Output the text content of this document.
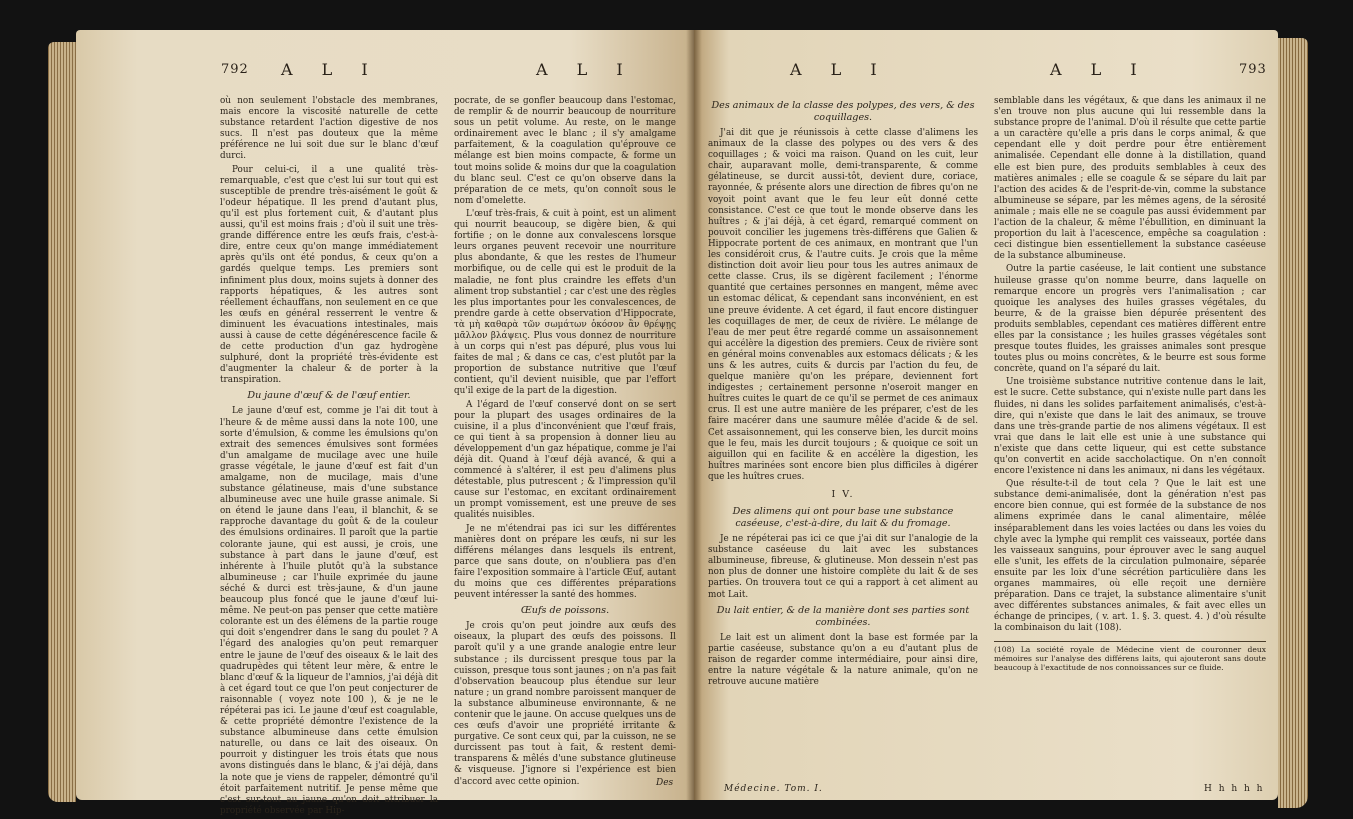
792 A L I	A L I

où non seulement l'obstacle des membranes, mais encore la viscosité naturelle de cette substance retardent l'action digestive de nos sucs. Il n'est pas douteux que la même préférence ne lui soit due sur le blanc d'œuf durci.

Pour celui-ci, il a une qualité très-remarquable, c'est que c'est lui sur tout qui est susceptible de prendre très-aisément le goût & l'odeur hépatique. Il les prend d'autant plus, qu'il est plus fortement cuit, & d'autant plus aussi, qu'il est moins frais ; d'où il suit une très-grande différence entre les œufs frais, c'est-à-dire, entre ceux qu'on mange immédiatement après qu'ils ont été pondus, & ceux qu'on a gardés quelque temps. Les premiers sont infiniment plus doux, moins sujets à donner des rapports hépatiques, & les autres sont réellement échauffans, non seulement en ce que les œufs en général resserrent le ventre & diminuent les évacuations intestinales, mais aussi à cause de cette dégénérescence facile & de cette production d'un gaz hydrogène sulphuré, dont la propriété très-évidente est d'augmenter la chaleur & de porter à la transpiration.

Du jaune d'œuf & de l'œuf entier.

Le jaune d'œuf est, comme je l'ai dit tout à l'heure & de même aussi dans la note 100, une sorte d'émulsion, & comme les émulsions qu'on extrait des semences émulsives sont formées d'un amalgame de mucilage avec une huile grasse végétale, le jaune d'œuf est fait d'un amalgame, non de mucilage, mais d'une substance gélatineuse, mais d'une substance albumineuse avec une huile grasse animale. Si on étend le jaune dans l'eau, il blanchit, & se rapproche davantage du goût & de la couleur des émulsions ordinaires. Il paroît que la partie colorante jaune, qui est aussi, je crois, une substance à part dans le jaune d'œuf, est inhérente à l'huile plutôt qu'à la substance albumineuse ; car l'huile exprimée du jaune séché & durci est très-jaune, & d'un jaune beaucoup plus foncé que le jaune d'œuf lui-même. Ne peut-on pas penser que cette matière colorante est un des élémens de la partie rouge qui doit s'engendrer dans le sang du poulet ? A l'égard des analogies qu'on peut remarquer entre le jaune de l'œuf des oiseaux & le lait des quadrupèdes qui têtent leur mère, & entre le blanc d'œuf & la liqueur de l'amnios, j'ai déjà dit à cet égard tout ce que l'on peut conjecturer de raisonnable ( voyez note 100 ), & je ne le répéterai pas ici. Le jaune d'œuf est coagulable, & cette propriété démontre l'existence de la substance albumineuse dans cette émulsion naturelle, ou dans ce lait des oiseaux. On pourroit y distinguer les trois états que nous avons distingués dans le blanc, & j'ai déjà, dans la note que je viens de rappeler, démontré qu'il étoit parfaitement nutritif. Je pense même que c'est sur-tout au jaune qu'on doit attribuer la propriété observée par Hip-

pocrate, de se gonfler beaucoup dans l'estomac, de remplir & de nourrir beaucoup de nourriture sous un petit volume. Au reste, on le mange ordinairement avec le blanc ; il s'y amalgame parfaitement, & la coagulation qu'éprouve ce mélange est bien moins compacte, & forme un tout moins solide & moins dur que la coagulation du blanc seul. C'est ce qu'on observe dans la préparation de ce mets, qu'on connoît sous le nom d'omelette.

L'œuf très-frais, & cuit à point, est un aliment qui nourrit beaucoup, se digère bien, & qui fortifie ; on le donne aux convalescens lorsque leurs organes peuvent recevoir une nourriture plus abondante, & que les restes de l'humeur morbifique, ou de celle qui est le produit de la maladie, ne font plus craindre les effets d'un aliment trop substantiel ; car c'est une des règles les plus importantes pour les convalescences, de prendre garde à cette observation d'Hippocrate, τὰ μὴ καθαρὰ τῶν σωμάτων ὁκόσον ἂν θρέψῃς μᾶλλον βλάψεις. Plus vous donnez de nourriture à un corps qui n'est pas dépuré, plus vous lui faites de mal ; & dans ce cas, c'est plutôt par la proportion de substance nutritive que l'œuf contient, qu'il devient nuisible, que par l'effort qu'il exige de la part de la digestion.

A l'égard de l'œuf conservé dont on se sert pour la plupart des usages ordinaires de la cuisine, il a plus d'inconvénient que l'œuf frais, ce qui tient à sa propension à donner lieu au développement d'un gaz hépatique, comme je l'ai déjà dit. Quand à l'œuf déjà avancé, & qui a commencé à s'altérer, il est peu d'alimens plus détestable, plus putrescent ; & l'impression qu'il cause sur l'estomac, en excitant ordinairement un prompt vomissement, est une preuve de ses qualités nuisibles.

Je ne m'étendrai pas ici sur les différentes manières dont on prépare les œufs, ni sur les différens mélanges dans lesquels ils entrent, parce que sans doute, on n'oubliera pas d'en faire l'exposition sommaire à l'article Œuf, autant du moins que ces différentes préparations peuvent intéresser la santé des hommes.

Œufs de poissons.

Je crois qu'on peut joindre aux œufs des oiseaux, la plupart des œufs des poissons. Il paroît qu'il y a une grande analogie entre leur substance ; ils durcissent presque tous par la cuisson, presque tous sont jaunes ; on n'a pas fait d'observation beaucoup plus étendue sur leur nature ; un grand nombre paroissent manquer de la substance albumineuse environnante, & ne contenir que le jaune. On accuse quelques uns de ces œufs d'avoir une propriété irritante & purgative. Ce sont ceux qui, par la cuisson, ne se durcissent pas tout à fait, & restent demi-transparens & mêlés d'une substance glutineuse & visqueuse. J'ignore si l'expérience est bien d'accord avec cette opinion.	Des
A L I	A L I	793
Des animaux de la classe des polypes, des vers, & des coquillages.

J'ai dit que je réunissois à cette classe d'alimens les animaux de la classe des polypes ou des vers & des coquillages ; & voici ma raison. Quand on les cuit, leur chair, auparavant molle, demi-transparente, & comme gélatineuse, se durcit aussi-tôt, devient dure, coriace, rayonnée, & présente alors une direction de fibres qu'on ne voyoit point avant que le feu leur eût donné cette consistance. C'est ce que tout le monde observe dans les huîtres ; & j'ai déjà, à cet égard, remarqué comment on pouvoit concilier les jugemens très-différens que Galien & Hippocrate portent de ces animaux, en montrant que l'un les considéroit crus, & l'autre cuits. Je crois que la même distinction doit avoir lieu pour tous les autres animaux de cette classe. Crus, ils se digèrent facilement ; l'énorme quantité que certaines personnes en mangent, même avec un estomac délicat, & cependant sans inconvénient, en est une preuve évidente. A cet égard, il faut encore distinguer les coquillages de mer, de ceux de rivière. Le mélange de l'eau de mer peut être regardé comme un assaisonnement qui accélère la digestion des premiers. Ceux de rivière sont en général moins convenables aux estomacs délicats ; & les uns & les autres, cuits & durcis par l'action du feu, de quelque manière qu'on les prépare, deviennent fort indigestes ; certainement personne n'oseroit manger en huîtres cuites le quart de ce qu'il se permet de ces animaux crus. Il est une autre manière de les préparer, c'est de les faire macérer dans une saumure mêlée d'acide & de sel. Cet assaisonnement, qui les conserve bien, les durcit moins que le feu, mais les durcit toujours ; & quoique ce soit un aiguillon qui en facilite & en accélère la digestion, les huîtres marinées sont encore bien plus difficiles à digérer que les huîtres crues.

I V.
Des alimens qui ont pour base une substance caséeuse, c'est-à-dire, du lait & du fromage.

Je ne répéterai pas ici ce que j'ai dit sur l'analogie de la substance caséeuse du lait avec les substances albumineuse, fibreuse, & glutineuse. Mon dessein n'est pas non plus de donner une histoire complète du lait & de ses parties. On trouvera tout ce qui a rapport à cet aliment au mot Lait.

Du lait entier, & de la manière dont ses parties sont combinées.

Le lait est un aliment dont la base est formée par la partie caséeuse, substance qu'on a eu d'autant plus de raison de regarder comme intermédiaire, pour ainsi dire, entre la nature végétale & la nature animale, qu'on ne retrouve aucune matière

semblable dans les végétaux, & que dans les animaux il ne s'en trouve non plus aucune qui lui ressemble dans la substance propre de l'animal. D'où il résulte que cette partie a un caractère qu'elle a pris dans le corps animal, & que cependant elle y doit perdre pour être entièrement animalisée. Cependant elle donne à la distillation, quand elle est bien pure, des produits semblables à ceux des matières animales ; elle se coagule & se sépare du lait par l'action des acides & de l'esprit-de-vin, comme la substance albumineuse se sépare, par les mêmes agens, de la sérosité animale ; mais elle ne se coagule pas aussi évidemment par l'action de la chaleur, & même l'ébullition, en diminuant la proportion du lait à l'acescence, empêche sa coagulation : ceci distingue bien essentiellement la substance caséeuse de la substance albumineuse.

Outre la partie caséeuse, le lait contient une substance huileuse grasse qu'on nomme beurre, dans laquelle on remarque encore un progrès vers l'animalisation ; car quoique les analyses des huiles grasses végétales, du beurre, & de la graisse bien dépurée présentent des produits semblables, cependant ces matières diffèrent entre elles par la consistance ; les huiles grasses végétales sont presque toutes fluides, les graisses animales sont presque toutes plus ou moins concrètes, & le beurre est sous forme concrète, quand on l'a séparé du lait.

Une troisième substance nutritive contenue dans le lait, est le sucre. Cette substance, qui n'existe nulle part dans les fluides, ni dans les solides parfaitement animalisés, c'est-à-dire, qui n'existe que dans le lait des animaux, se trouve dans une très-grande partie de nos alimens végétaux. Il est vrai que dans le lait elle est unie à une substance qui n'existe que dans cette liqueur, qui est cette substance qu'on convertit en acide saccholactique. On n'en connoît encore l'existence ni dans les animaux, ni dans les végétaux.

Que résulte-t-il de tout cela ? Que le lait est une substance demi-animalisée, dont la génération n'est pas encore bien connue, qui est formée de la substance de nos alimens exprimée dans le canal alimentaire, mêlée inséparablement dans les voies lactées ou dans les voies du chyle avec la lymphe qui remplit ces vaisseaux, portée dans les vaisseaux sanguins, pour éprouver avec le sang auquel elle s'unit, les effets de la circulation pulmonaire, séparée ensuite par les loix d'une sécrétion particulière dans les organes mammaires, où elle reçoit une dernière préparation. Dans ce trajet, la substance alimentaire s'unit avec différentes substances animales, & fait avec elles un échange de principes, ( v. art. 1. §. 3. quest. 4. ) d'où résulte la combinaison du lait (108).

(108) La société royale de Médecine vient de couronner deux mémoires sur l'analyse des différens laits, qui ajouteront sans doute beaucoup à l'exactitude de nos connoissances sur ce fluide.
Médecine. Tom. I.	H h h h h
